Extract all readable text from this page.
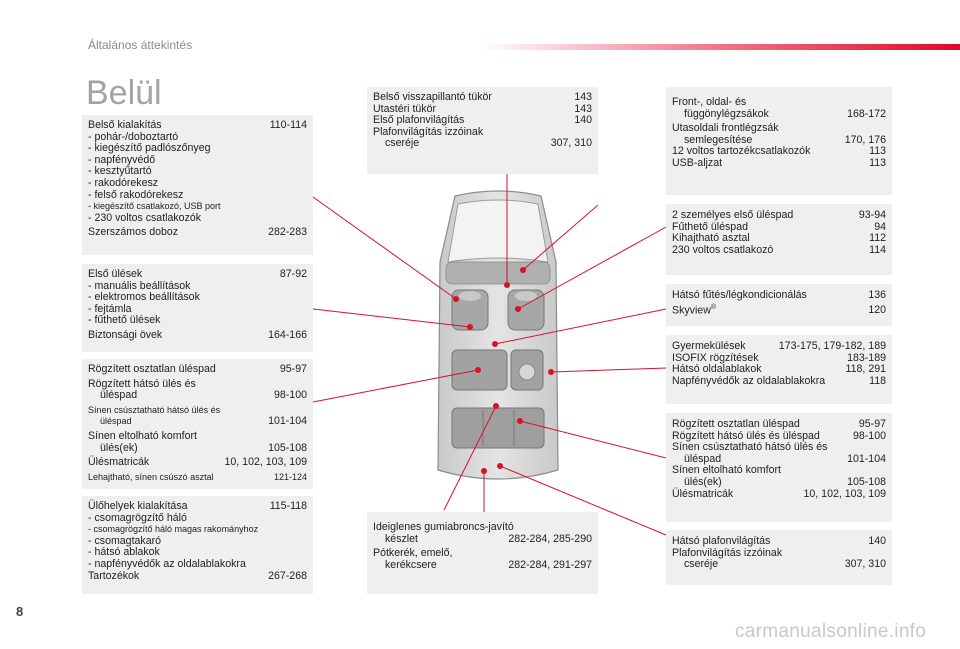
Általános áttekintés
Belül
Belső kialakítás	110-114
- pohár-/doboztartó
- kiegészítő padlószőnyeg
- napfényvédő
- kesztyűtartó
- rakodórekesz
- felső rakodórekesz
- kiegészítő csatlakozó, USB port
- 230 voltos csatlakozók
Szerszámos doboz	282-283
Első ülések	87-92
- manuális beállítások
- elektromos beállítások
- fejtámla
- fűthető ülések
Biztonsági övek	164-166
Rögzített osztatlan üléspad	95-97
Rögzített hátsó ülés és
üléspad	98-100
Sínen csúsztatható hátsó ülés és
üléspad	101-104
Sínen eltolható komfort
ülés(ek)	105-108
Ülésmatricák	10, 102, 103, 109
Lehajtható, sínen csúszó asztal	121-124
Ülőhelyek kialakítása	115-118
- csomagrögzítő háló
- csomagrögzítő háló magas rakományhoz
- csomagtakaró
- hátsó ablakok
- napfényvédők az oldalablakokra
Tartozékok	267-268
Belső visszapillantó tükör	143
Utastéri tükör	143
Első plafonvilágítás	140
Plafonvilágítás izzóinak
cseréje	307, 310
Ideiglenes gumiabroncs-javító
készlet	282-284, 285-290
Pótkerék, emelő,
kerékcsere	282-284, 291-297
Front-, oldal- és
függönylégzsákok	168-172
Utasoldali frontlégzsák
semlegesítése	170, 176
12 voltos tartozékcsatlakozók	113
USB-aljzat	113
2 személyes első üléspad	93-94
Fűthető üléspad	94
Kihajtható asztal	112
230 voltos csatlakozó	114
Hátsó fűtés/légkondicionálás	136
Skyview®	120
Gyermekülések	173-175, 179-182, 189
ISOFIX rögzítések	183-189
Hátsó oldalablakok	118, 291
Napfényvédők az oldalablakokra	118
Rögzített osztatlan üléspad	95-97
Rögzített hátsó ülés és üléspad	98-100
Sínen csúsztatható hátsó ülés és
üléspad	101-104
Sínen eltolható komfort
ülés(ek)	105-108
Ülésmatricák	10, 102, 103, 109
Hátsó plafonvilágítás	140
Plafonvilágítás izzóinak
cseréje	307, 310
8
carmanualsonline.info
